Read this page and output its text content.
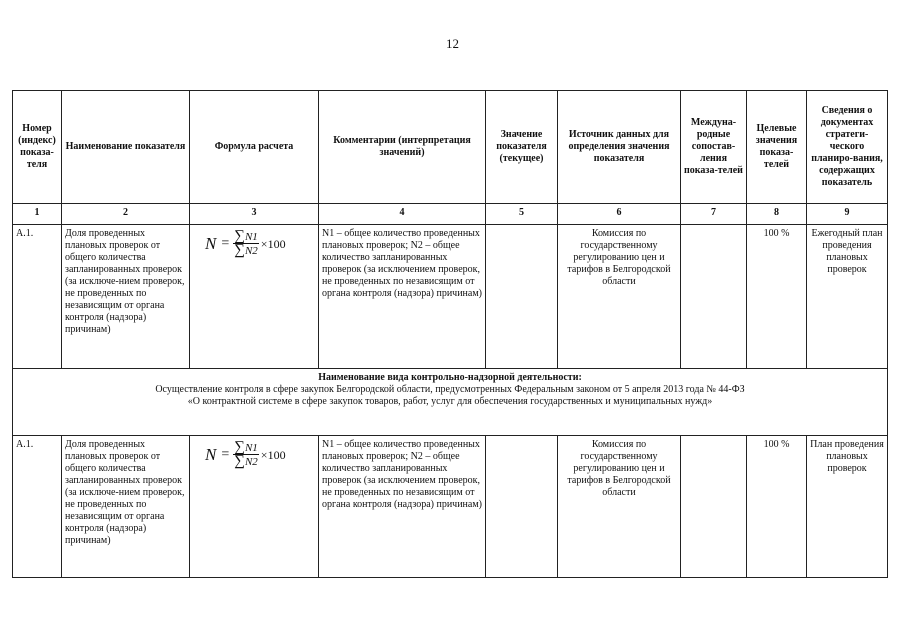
12
Номер (индекс) показа-теля	Наименование показателя	Формула расчета	Комментарии (интерпретация значений)	Значение показателя (текущее)	Источник данных для определения значения показателя	Междуна-родные сопостав-ления показа-телей	Целевые значения показа-телей	Сведения о документах стратеги-ческого планиро-вания, содержащих показатель
1	2	3	4	5	6	7	8	9
А.1.	Доля проведенных плановых проверок от общего количества запланированных проверок (за исключе-нием проверок, не проведенных по независящим от органа контроля (надзора) причинам)	$N = \frac{\sum N1}{\sum N2} \times 100$	N1 – общее количество проведенных плановых проверок; N2 – общее количество запланированных проверок (за исключением проверок, не проведенных по независящим от органа контроля (надзора) причинам)		Комиссия по государственному регулированию цен и тарифов в Белгородской области		100 %	Ежегодный план проведения плановых проверок

Наименование вида контрольно-надзорной деятельности:
Осуществление контроля в сфере закупок Белгородской области, предусмотренных Федеральным законом от 5 апреля 2013 года № 44-ФЗ
«О контрактной системе в сфере закупок товаров, работ, услуг для обеспечения государственных и муниципальных нужд»								

А.1.	Доля проведенных плановых проверок от общего количества запланированных проверок (за исключе-нием проверок, не проведенных по независящим от органа контроля (надзора) причинам)	$N = \frac{\sum N1}{\sum N2} \times 100$	N1 – общее количество проведенных плановых проверок; N2 – общее количество запланированных проверок (за исключением проверок, не проведенных по независящим от органа контроля (надзора) причинам)		Комиссия по государственному регулированию цен и тарифов в Белгородской области		100 %	План проведения плановых проверок
